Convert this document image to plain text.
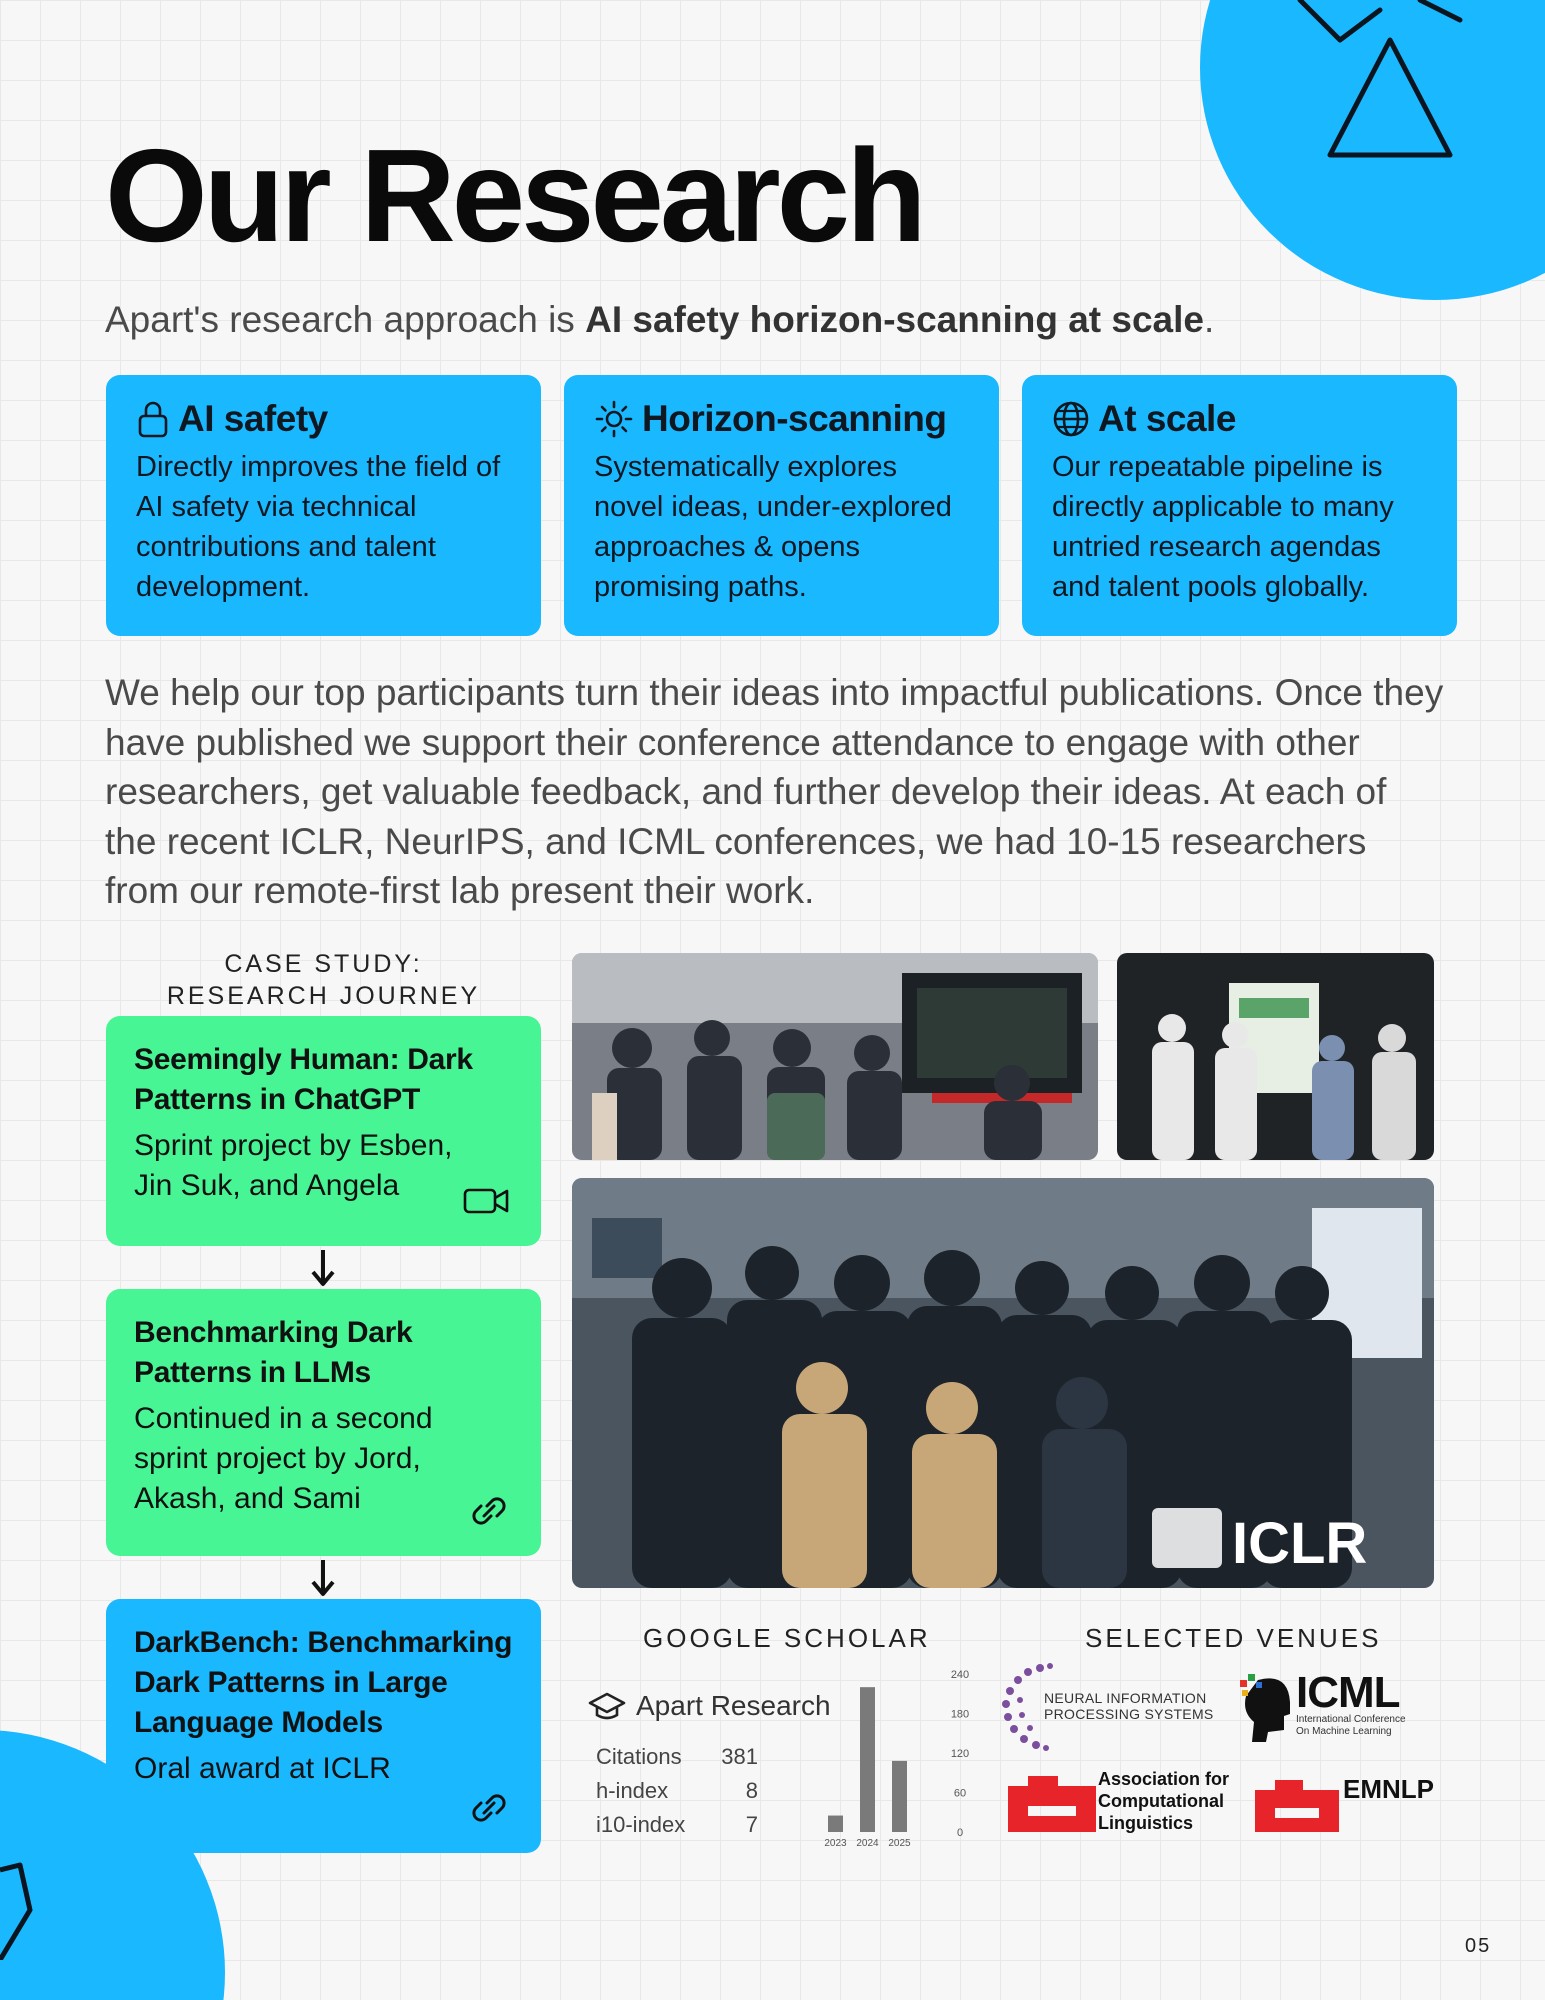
Our Research

Apart's research approach is AI safety horizon-scanning at scale.

AI safety

Directly improves the field of AI safety via technical contributions and talent development.

Horizon-scanning

Systematically explores novel ideas, under-explored approaches & opens promising paths.

At scale

Our repeatable pipeline is directly applicable to many untried research agendas and talent pools globally.

We help our top participants turn their ideas into impactful publications. Once they have published we support their conference attendance to engage with other researchers, get valuable feedback, and further develop their ideas. At each of the recent ICLR, NeurIPS, and ICML conferences, we had 10-15 researchers from our remote-first lab present their work.

CASE STUDY:
RESEARCH JOURNEY
Seemingly Human: Dark Patterns in ChatGPT

Sprint project by Esben, Jin Suk, and Angela

Benchmarking Dark Patterns in LLMs

Continued in a second sprint project by Jord, Akash, and Sami

DarkBench: Benchmarking Dark Patterns in Large Language Models

Oral award at ICLR

ICLR
GOOGLE SCHOLAR
Apart Research
Citations 381
h-index	8
i10-index	7
2023 2024 2025
0
60
120
180
240
SELECTED VENUES
NEURAL INFORMATION
PROCESSING SYSTEMS ICML
International Conference
On Machine Learning
Association for
Computational
Linguistics
EMNLP
05
